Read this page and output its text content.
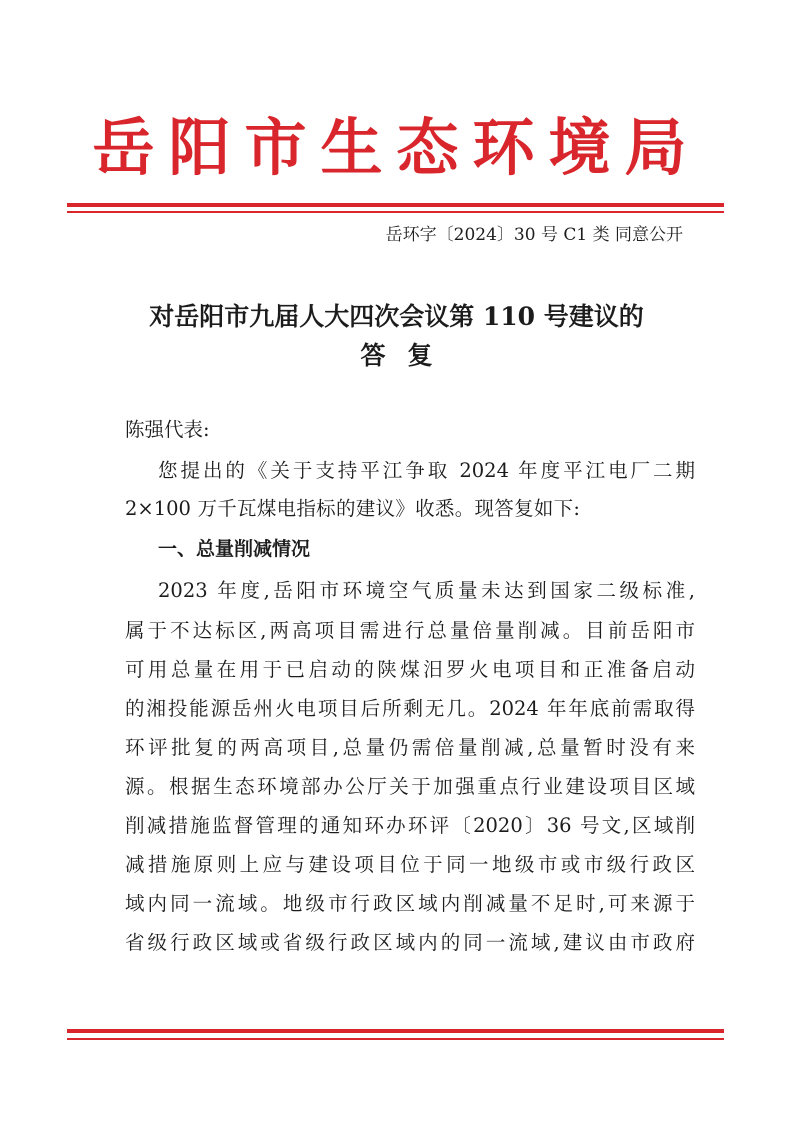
岳阳市生态环境局
岳环字〔2024〕30 号 C1 类 同意公开
对岳阳市九届人大四次会议第 110 号建议的
答复
陈强代表:
您提出的《关于支持平江争取 2024 年度平江电厂二期
2×100 万千瓦煤电指标的建议》收悉。现答复如下:
一、总量削减情况
2023 年度,岳阳市环境空气质量未达到国家二级标准,
属于不达标区,两高项目需进行总量倍量削减。目前岳阳市
可用总量在用于已启动的陕煤汨罗火电项目和正准备启动
的湘投能源岳州火电项目后所剩无几。2024 年年底前需取得
环评批复的两高项目,总量仍需倍量削减,总量暂时没有来
源。根据生态环境部办公厅关于加强重点行业建设项目区域
削减措施监督管理的通知环办环评〔2020〕36 号文,区域削
减措施原则上应与建设项目位于同一地级市或市级行政区
域内同一流域。地级市行政区域内削减量不足时,可来源于
省级行政区域或省级行政区域内的同一流域,建议由市政府
